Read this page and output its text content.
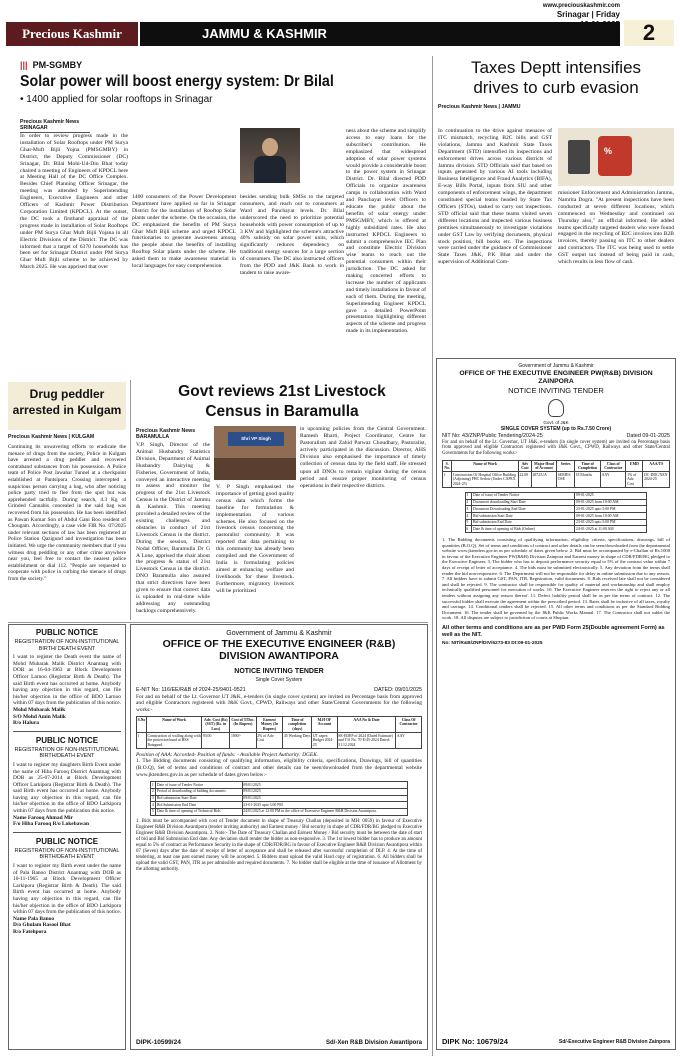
www.preciouskashmir.com
Srinagar | Friday
Precious Kashmir	JAMMU & KASHMIR	2
||| PM-SGMBY
Solar power will boost energy system: Dr Bilal
• 1400 applied for solar rooftops in Srinagar
Precious Kashmir News
SRINAGAR
In order to review progress made in the installation of Solar Rooftops under PM Surya Ghar-Muft Bijli Yojna (PMSGMBY) in District, the Deputy Commissioner (DC) Srinagar, Dr. Bilal Mohi-Ud-Din Bhat today chaired a meeting of Engineers of KPDCL here at Meeting Hall of the DC Office Complex. Besides Chief Planning Officer Srinagar, the meeting was attended by Superintending Engineers, Executive Engineers and other Officers of Kashmir Power Distribution Corporation Limited (KPDCL). At the outset, the DC took a firsthand appraisal of the progress made in installation of Solar Rooftops under PM Surya Ghar Muft Bijli Yojana in all Electric Divisions of the District. The DC was informed that a target of 6370 households has been set for Srinagar District under PM Surya Ghar Muft Bijli scheme to be achieved by March 2025. He was apprised that over
1400 consumers of the Power Development Department have applied so far in Srinagar District for the installation of Rooftop Solar plants under the scheme. On the occasion, the DC emphasized the benefits of PM Surya Ghar Muft Bijli scheme and urged KPDCL functionaries to generate awareness among the people about the benefits of installing Rooftop Solar plants under the scheme. He asked them to make awareness material in local languages for easy comprehension
besides sending bulk SMSs to the targeted consumers, and reach out to consumers at Ward and Panchayat levels. Dr. Bilal underscored the need to prioritize potential households with power consumption of up to 3 KW and highlighted the scheme's attractive 40% subsidy on solar power units, which significantly reduces dependency on traditional energy sources for a large section of consumers. The DC also instructed officers from the PDD and J&K Bank to work in tandem to raise aware-
ness about the scheme and simplify access to easy loans for the subscriber's contribution. He emphasized that widespread adoption of solar power systems would provide a considerable boost to the power system in Srinagar District. Dr. Bilal directed PDD Officials to organize awareness camps in collaboration with Ward and Panchayat level Officers to educate the public about the benefits of solar energy under PMSGMBY, which is offered at highly subsidized rates. He also instructed KPDCL Engineers to submit a comprehensive IEC Plan and constitute Electric Division wise teams to reach out the potential consumers within their jurisdiction. The DC asked for making concerted efforts to increase the number of applicants and timely installations in favour of each of them. During the meeting, Superintending Engineer KPDCL gave a detailed PowerPoint presentation highlighting different aspects of the scheme and progress made in its implementation.
Taxes Deptt intensifies
drives to curb evasion
Precious Kashmir News | JAMMU
In continuation to the drive against menaces of ITC mismatch, recycling B2C bills and GST violations, Jammu and Kashmir State Taxes Department (STD) intensified its inspections and enforcement drives across various districts of Jammu division. STD Officials said that based on inputs generated by various AI tools including Business Intelligence and Fraud Analytics (BIFA), E-way Bills Portal, inputs from SIU and other components of enforcement wings, the department constituted special teams headed by State Tax Officers (STOs), tasked to carry out inspections. STD official said that these teams visited seven different locations and inspected various business premises simultaneously to investigate violations under GST Law by verifying documents, physical stock position, bill books etc. The inspections were carried under the guidance of Commissioner State Taxes J&K, P.K Bhat and under the supervision of Additional Com-
%
missioner Enforcement and Administration Jammu, Namrita Dogra. "At present inspections have been conducted at seven different locations, which commenced on Wednesday and continued on Thursday also," an official informed. He added teams specifically targeted dealers who were found engaged in the recycling of B2C invoices into B2B invoices, thereby passing on ITC to other dealers and contractors. The ITC was being used to settle GST output tax instead of being paid in cash, which results in less flow of cash.
Drug peddler arrested in Kulgam
Precious Kashmir News | KULGAM
Continuing its unwavering efforts to eradicate the menace of drugs from the society, Police in Kulgam have arrested a drug peddler and recovered contraband substances from his possession. A Police team of Police Post Jawahar Tunnel at a checkpoint established at Pantsipora Crossing intercepted a suspicious person carrying a bag, who after noticing police party tried to flee from the spot but was apprehended tactfully. During search, 4.3 Kg of Grinded Cannabis concealed in the said bag was recovered from his possession. He has been identified as Pawan Kumar Son of Abdul Gani Boo resident of Chougam. Accordingly, a case vide FIR No. 07/2025 under relevant sections of law has been registered at Police Station Qazigund and investigation has been initiated. We urge the community members that if you witness drug peddling or any other crime anywhere near you, feel free to contact the nearest police establishment or dial 112. "People are requested to cooperate with police in curbing the menace of drugs from the society."
Govt reviews 21st Livestock
Census in Baramulla
Precious Kashmir News
BARAMULLA	Shri VP Singh
V.P. Singh, Director of the Animal Husbandry Statistics Division, Department of Animal Husbandry Dairying & Fisheries, Government of India, conveyed an interactive meeting to assess and monitor the progress of the 21st Livestock Census in the District of Jammu & Kashmir. This meeting provided a detailed review of the existing challenges and obstacles in conduct of 21st Livestock Census in the district. During the session, District Nodal Officer, Baramulla Dr G A Lone, apprised the chair about the progress & status of 21st Livestock Census in the district. DNO Baramulla also assured that strict directives have been given to ensure that correct data is uploaded in real-time while addressing any outstanding backlogs comprehensively.
V. P Singh emphasised the importance of getting good quality census data which forms the baseline for formulation & implementation of various schemes. He also focused on the livestock census concerning the pastoralist community. It was reported that data pertaining to this community has already been compiled and the Government of India is formulating policies aimed at enhancing welfare and livelihoods for these livestock. Furthermore, migratory livestock will be prioritized
in upcoming policies from the Central Government. Ramesh Bharti, Project Coordinator, Centre for Pastoralism and Zahid Parwaz Choudhary, Pastoralist, actively participated in the discussion. Director, AHS Division also emphasised the importance of timely collection of census data by the field staff. He stressed upon all DNOs to remain vigilant during the census period and ensure proper monitoring of census operations in their respective districts.
PUBLIC NOTICE
REGISTRATION OF NON-INSTITUTIONAL BIRTH/ DEATH EVENT
I want to register the Death event the name of Mohd Mubarak Malik District Anantnag with DOB as 16-04-1963 at Block Development Officer Larnoo (Registrar Birth & Death). The said Birth event has occurred at home. Anybody having any objection in this regard, can file his/her objection in the office of BDO Larnoo within 07 days from the publication of this notice.
Mohd Mubarak Malik
S/O Mohd Amin Malik
R/o Halura
PUBLIC NOTICE
REGISTRATION OF NON-INSTITUTIONAL BIRTH/DEATH EVENT
I want to register my daughters Birth Event under the name of Hiba Farooq District Anantnag with DOB as 25-07-2014 at Block Development Officer Larkipora (Registrar Birth & Death). The said Birth event has occurred at home. Anybody having any objection in this regard, can file his/her objection in the office of BDO Larkipora within 07 days from the publication this notice.
Name Farooq Ahmad Mir
F/o Hiba Farooq R/o Lokebawan
PUBLIC NOTICE
REGISTRATION OF NON-INSTITUTIONAL BIRTH/DEATH EVENT
I want to register my Birth event under the name of Pala Banoo District Anantnag with DOB as 10-11-1965 at Block Development Officer Larkipora (Registrar Birth & Death). The said Birth event has occurred at home. Anybody having any objection in this regard, can file his/her objection in the office of BDO Larkipora within 07 days from the publication of this notice.
Name Pala Banoo
D/o Ghulam Rasool Bhat
R/o Fatehpora
Government of Jammu & Kashmir
OFFICE OF THE EXECUTIVE ENGINEER (R&B)
DIVISION AWANTIPORA
NOTICE INVITING TENDER
Single Cover System
E-NIT No: 116/EE/R&B of 2024-25/9401-9521	DATED: 09/01/2025
For and on behalf of the Lt. Governor UT J&K, e-tenders (in single cover system) are invited on Percentage basis from approved and eligible Contractors registered with J&K Govt., CPWD, Railways and other State/Central Governments for the following works:-
S.No	Name of Work	Adv. Cost (Rs) (SST) (Rs. in Lacs)	Cost of T/Doc. (In Rupees)	Earnest Money (In Rupees)	Time of completion (days)	M.H OF Account	AAA No & Date	Class Of Contractor
1	Construction of walling along with the protection bund at HSS Batagund.	93.00	1000/-	2% of Adv. Cost	45 Working Days	UT capex Budget 2024-25	SE-EDEP of 2024 (Dated Estimate) and T/S No. 70-E/45-2024 Dated: 31.12.2024	AAY
Position of AAA: Accorded- Position of funds: - Available Project Authority: DGEK.
1. The Bidding documents consisting of qualifying information, eligibility criteria, specifications, Drawings, bill of quantities (B.O.Q), Set of terms and conditions of contract and other details can be seen/downloaded from the departmental website www.jktenders.gov.in as per schedule of dates given below:-
1	Date of issue of Tender Notice	09/01/2025
2	Period of downloading of bidding documents	09/01/2025
3	Bid submission Start Date	09/01/2025
4	Bid Submission End Date	23-01-2025 upto 3.00 PM
5	Date & time of opening of Technical Bids	24/01/2025 at 12:00 PM in the office of Executive Engineer R&B Division Awantipora.
1. Bids must be accompanied with cost of Tender document in shape of Treasury Challan (deposited in MH: 0059) in favour of Executive Engineer R&B Division Awantipora (tender inviting authority) and Earnest money / Bid security in shape of CDR/FDR/BG pledged to Executive Engineer R&B Division Awantipora. 2. Note:- The Date of Treasury Challan and Earnest Money / Bid security must be between the date of start of bid and Bid Submission End date. Any deviation shall render the bidder as non-responsive. 3. The 1st lowest bidder has to produce an amount equal to 5% of contract as Performance Security in the shape of CDR/FDR/BG in favour of Executive Engineer R&B Division Awantipora within 07 (Seven) days after the date of receipt of letter of acceptance and shall be released after successful completion of DLP. 4. At the time of tendering, at least one past earned money will be accepted. 5. Bidders must upload the valid Hard copy of registration. 6. All bidders shall be upload the valid GST, PAN, ITR as per admissible and required documents. 7. No bidder shall be eligible at the time of issuance of Allotment by the allotting authority.
DIPK-10599/24	Sd/-Xen R&B Division Awantipora
Government of Jammu & Kashmir
OFFICE OF THE EXECUTIVE ENGINEER PW(R&B) DIVISION ZAINPORA
NOTICE INVITING TENDER
Govt. of J&K
SINGLE COVER SYSTEM (up to Rs.7.50 Crore)
NIT No: 43/ZNP/Public Tendering/2024-25	Dated 09-01-2025
For and on behalf of the Lt. Governor, UT J&K, e-tenders (in single cover system) are invited on Percentage basis from approved and eligible Contractors registered with J&K Govt., CPWD, Railways and other State/Central Governments for the following works:-
S. No.	Name of Work	Adv Cost	Major Head of Account	Series	Time of Completion	Class of Contractor	EMD	AAA/TS
1	Construction Of Hospital Office Building (Adjoining) PHC Sedow (Under CAPEX 2024-25)	22.08	4872/UA	SERIES OSE	18 Months	AAY	1% of Adv. Cost	DC-DDC/XEN 2024-25
1	Date of issue of Tender Notice	09-01-2025
2	Document downloading Start Date	09-01-2025 from 10:00 AM
3	Document Downloading End Date	23-01-2025 upto 5:00 PM
4	Bid submission Start Date	09-01-2025 from 10:00 AM
5	Bid submission End Date	23-01-2025 upto 5:00 PM
6	Date & time of opening of Bids (Online)	24-01-2025 at 11:00 AM
1. The Bidding documents consisting of qualifying information, eligibility criteria, specifications, drawings, bill of quantities (B.O.Q), Set of terms and conditions of contract and other details can be seen/downloaded from the departmental website www.jktenders.gov.in as per schedule of dates given below. 2. Bid must be accompanied by e-Challan of Rs.1000 in favour of the Executive Engineer PW(R&B) Division Zainpora and Earnest money in shape of CDR/FDR/BG pledged to the Executive Engineer. 3. The bidder who has to deposit performance security equal to 5% of the contract value within 7 days of receipt of letter of acceptance. 4. The bids must be submitted electronically. 5. Any deviation from the terms shall render the bid non-responsive. 6. The Department will not be responsible for delay in online submission due to any reason. 7. All bidders have to submit GST, PAN, ITR, Registration, valid documents. 8. Bids received late shall not be considered and shall be rejected. 9. The contractor shall be responsible for quality of material and workmanship and shall employ technically qualified personnel for execution of works. 10. The Executive Engineer reserves the right to reject any or all tenders without assigning any reason thereof. 11. Defect liability period shall be as per the terms of contract. 12. The successful bidder shall execute the agreement within the prescribed period. 13. Rates shall be inclusive of all taxes, royalty and carriage. 14. Conditional tenders shall be rejected. 15. All other terms and conditions as per the Standard Bidding Document. 16. The tender shall be governed by the J&K Public Works Manual. 17. The Contractor shall not sublet the work. 18. All disputes are subject to jurisdiction of courts at Shopian.
All other terms and conditions are as per PWD Form 25(Double agreement Form) as well as the NIT.
No: NIT/R&B/ZNP/DIV/6273-83 Dt:09-01-2025
DIPK No: 10679/24	Sd/-Executive Engineer R&B Division Zainpora
